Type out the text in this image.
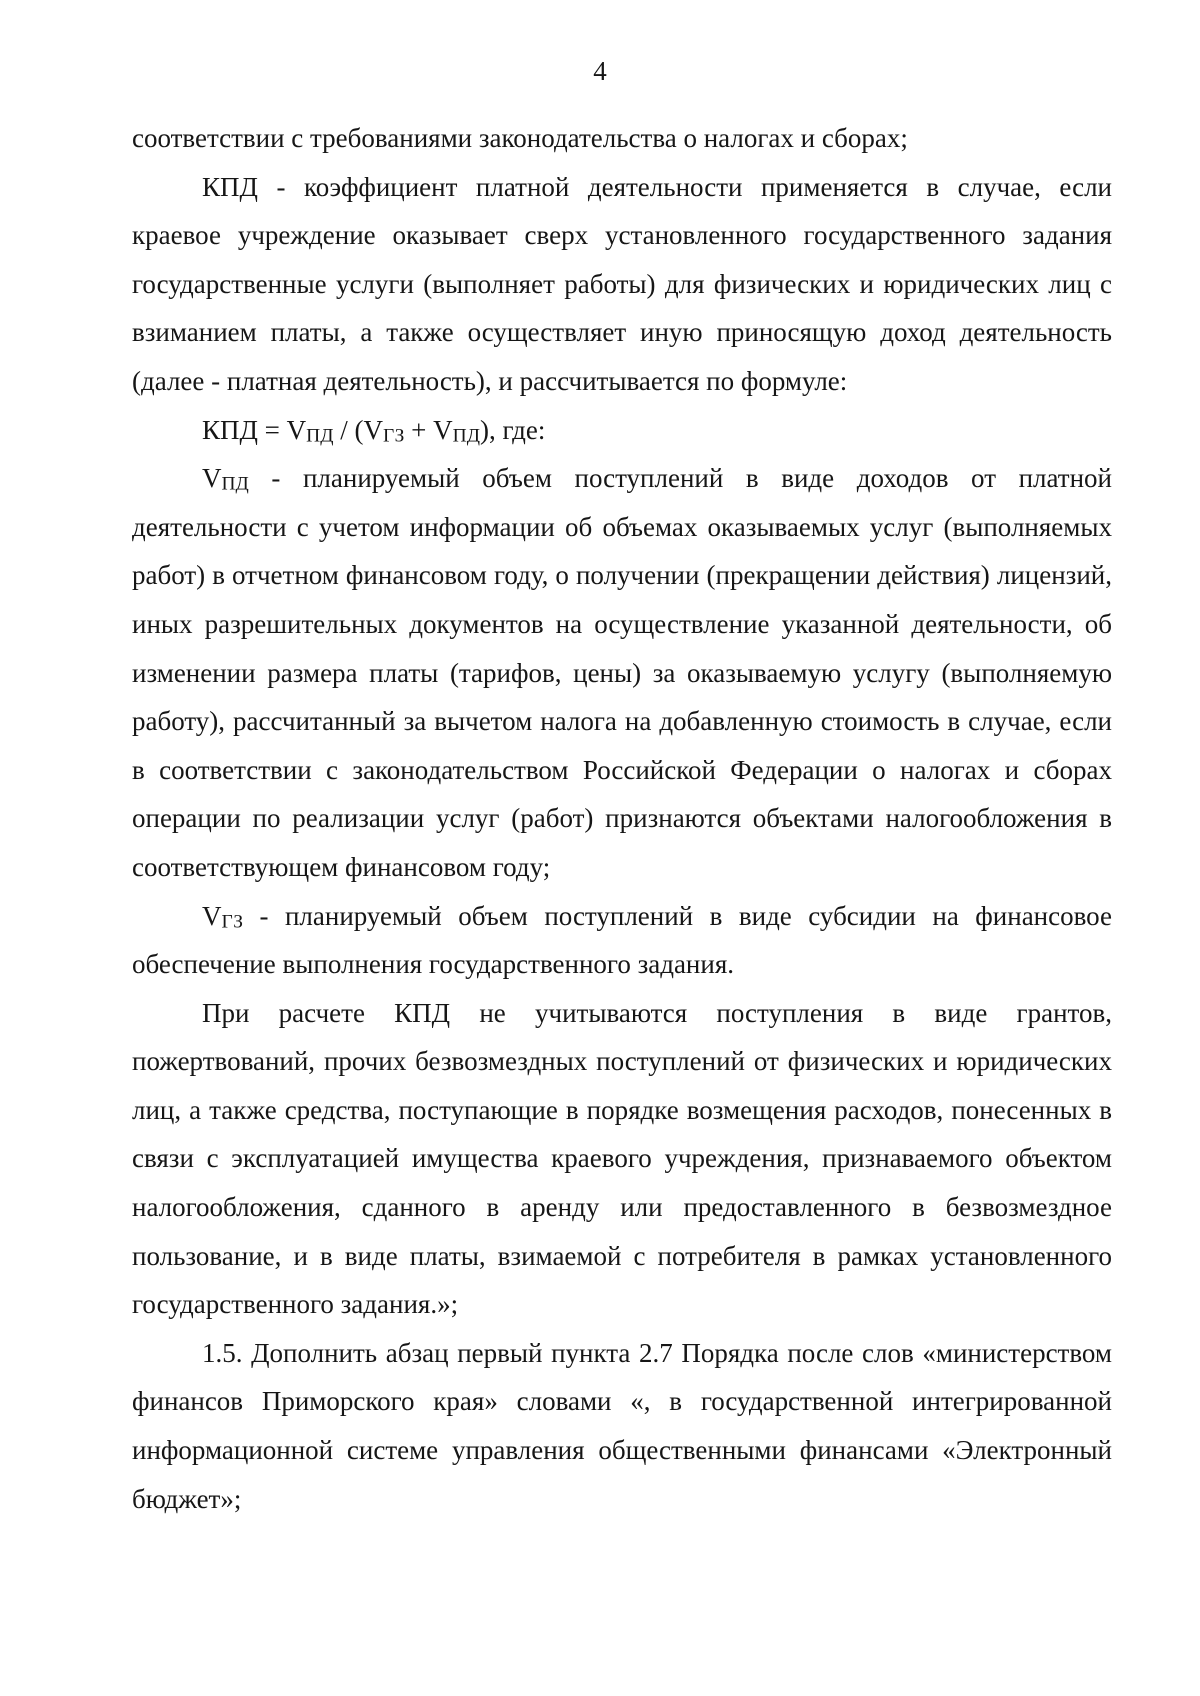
4

соответствии с требованиями законодательства о налогах и сборах;

КПД - коэффициент платной деятельности применяется в случае, если краевое учреждение оказывает сверх установленного государственного задания государственные услуги (выполняет работы) для физических и юридических лиц с взиманием платы, а также осуществляет иную приносящую доход деятельность (далее - платная деятельность), и рассчитывается по формуле:

КПД = VПД / (VГЗ + VПД), где:

VПД - планируемый объем поступлений в виде доходов от платной деятельности с учетом информации об объемах оказываемых услуг (выполняемых работ) в отчетном финансовом году, о получении (прекращении действия) лицензий, иных разрешительных документов на осуществление указанной деятельности, об изменении размера платы (тарифов, цены) за оказываемую услугу (выполняемую работу), рассчитанный за вычетом налога на добавленную стоимость в случае, если в соответствии с законодательством Российской Федерации о налогах и сборах операции по реализации услуг (работ) признаются объектами налогообложения в соответствующем финансовом году;

VГЗ - планируемый объем поступлений в виде субсидии на финансовое обеспечение выполнения государственного задания.

При расчете КПД не учитываются поступления в виде грантов, пожертвований, прочих безвозмездных поступлений от физических и юридических лиц, а также средства, поступающие в порядке возмещения расходов, понесенных в связи с эксплуатацией имущества краевого учреждения, признаваемого объектом налогообложения, сданного в аренду или предоставленного в безвозмездное пользование, и в виде платы, взимаемой с потребителя в рамках установленного государственного задания.»;

1.5. Дополнить абзац первый пункта 2.7 Порядка после слов «министерством финансов Приморского края» словами «, в государственной интегрированной информационной системе управления общественными финансами «Электронный бюджет»;
